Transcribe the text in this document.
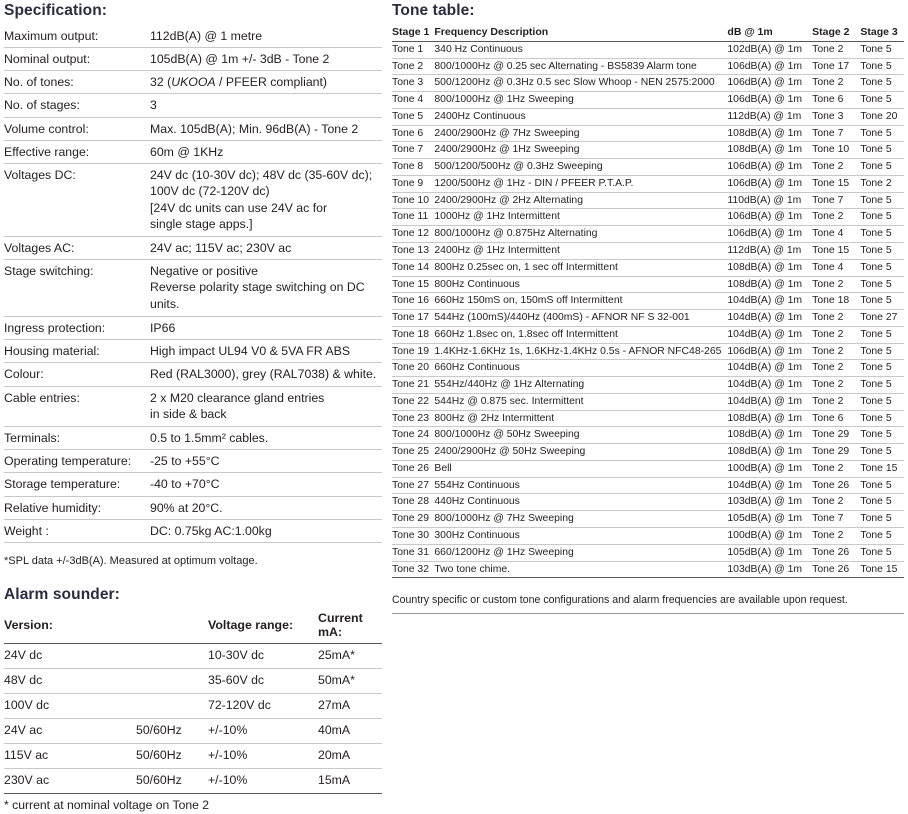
Specification:
Maximum output:	112dB(A) @ 1 metre

Nominal output:	105dB(A) @ 1m +/- 3dB - Tone 2

No. of tones:	32 (UKOOA / PFEER compliant)

No. of stages:	3

Volume control:	Max. 105dB(A); Min. 96dB(A) - Tone 2

Effective range:	60m @ 1KHz

Voltages DC:	24V dc (10-30V dc); 48V dc (35-60V dc);
100V dc (72-120V dc)
[24V dc units can use 24V ac for
single stage apps.]

Voltages AC:	24V ac; 115V ac; 230V ac

Stage switching:	Negative or positive
Reverse polarity stage switching on DC units.

Ingress protection:	IP66

Housing material:	High impact UL94 V0 & 5VA FR ABS

Colour:	Red (RAL3000), grey (RAL7038) & white.

Cable entries:	2 x M20 clearance gland entries
in side & back

Terminals:	0.5 to 1.5mm² cables.

Operating temperature:	-25 to +55°C

Storage temperature:	-40 to +70°C

Relative humidity:	90% at 20°C.

Weight :	DC: 0.75kg AC:1.00kg
*SPL data +/-3dB(A). Measured at optimum voltage.
Alarm sounder:
Version:		Voltage range:	Current mA:
24V dc		10-30V dc	25mA*
48V dc		35-60V dc	50mA*
100V dc		72-120V dc	27mA
24V ac	50/60Hz	+/-10%	40mA
115V ac	50/60Hz	+/-10%	20mA
230V ac	50/60Hz	+/-10%	15mA
* current at nominal voltage on Tone 2
Tone table:
Stage 1	Frequency Description	dB @ 1m	Stage 2	Stage 3
Tone 1	340 Hz Continuous	102dB(A) @ 1m	Tone 2	Tone 5
Tone 2	800/1000Hz @ 0.25 sec Alternating - BS5839 Alarm tone	106dB(A) @ 1m	Tone 17	Tone 5
Tone 3	500/1200Hz @ 0.3Hz 0.5 sec Slow Whoop - NEN 2575:2000	106dB(A) @ 1m	Tone 2	Tone 5
Tone 4	800/1000Hz @ 1Hz Sweeping	106dB(A) @ 1m	Tone 6	Tone 5
Tone 5	2400Hz Continuous	112dB(A) @ 1m	Tone 3	Tone 20
Tone 6	2400/2900Hz @ 7Hz Sweeping	108dB(A) @ 1m	Tone 7	Tone 5
Tone 7	2400/2900Hz @ 1Hz Sweeping	108dB(A) @ 1m	Tone 10	Tone 5
Tone 8	500/1200/500Hz @ 0.3Hz Sweeping	106dB(A) @ 1m	Tone 2	Tone 5
Tone 9	1200/500Hz @ 1Hz - DIN / PFEER P.T.A.P.	106dB(A) @ 1m	Tone 15	Tone 2
Tone 10	2400/2900Hz @ 2Hz Alternating	110dB(A) @ 1m	Tone 7	Tone 5
Tone 11	1000Hz @ 1Hz Intermittent	106dB(A) @ 1m	Tone 2	Tone 5
Tone 12	800/1000Hz @ 0.875Hz Alternating	106dB(A) @ 1m	Tone 4	Tone 5
Tone 13	2400Hz @ 1Hz Intermittent	112dB(A) @ 1m	Tone 15	Tone 5
Tone 14	800Hz 0.25sec on, 1 sec off Intermittent	108dB(A) @ 1m	Tone 4	Tone 5
Tone 15	800Hz Continuous	108dB(A) @ 1m	Tone 2	Tone 5
Tone 16	660Hz 150mS on, 150mS off Intermittent	104dB(A) @ 1m	Tone 18	Tone 5
Tone 17	544Hz (100mS)/440Hz (400mS) - AFNOR NF S 32-001	104dB(A) @ 1m	Tone 2	Tone 27
Tone 18	660Hz 1.8sec on, 1.8sec off Intermittent	104dB(A) @ 1m	Tone 2	Tone 5
Tone 19	1.4KHz-1.6KHz 1s, 1.6KHz-1.4KHz 0.5s - AFNOR NFC48-265	106dB(A) @ 1m	Tone 2	Tone 5
Tone 20	660Hz Continuous	104dB(A) @ 1m	Tone 2	Tone 5
Tone 21	554Hz/440Hz @ 1Hz Alternating	104dB(A) @ 1m	Tone 2	Tone 5
Tone 22	544Hz @ 0.875 sec. Intermittent	104dB(A) @ 1m	Tone 2	Tone 5
Tone 23	800Hz @ 2Hz Intermittent	108dB(A) @ 1m	Tone 6	Tone 5
Tone 24	800/1000Hz @ 50Hz Sweeping	108dB(A) @ 1m	Tone 29	Tone 5
Tone 25	2400/2900Hz @ 50Hz Sweeping	108dB(A) @ 1m	Tone 29	Tone 5
Tone 26	Bell	100dB(A) @ 1m	Tone 2	Tone 15
Tone 27	554Hz Continuous	104dB(A) @ 1m	Tone 26	Tone 5
Tone 28	440Hz Continuous	103dB(A) @ 1m	Tone 2	Tone 5
Tone 29	800/1000Hz @ 7Hz Sweeping	105dB(A) @ 1m	Tone 7	Tone 5
Tone 30	300Hz Continuous	100dB(A) @ 1m	Tone 2	Tone 5
Tone 31	660/1200Hz @ 1Hz Sweeping	105dB(A) @ 1m	Tone 26	Tone 5
Tone 32	Two tone chime.	103dB(A) @ 1m	Tone 26	Tone 15
Country specific or custom tone configurations and alarm frequencies are available upon request.
